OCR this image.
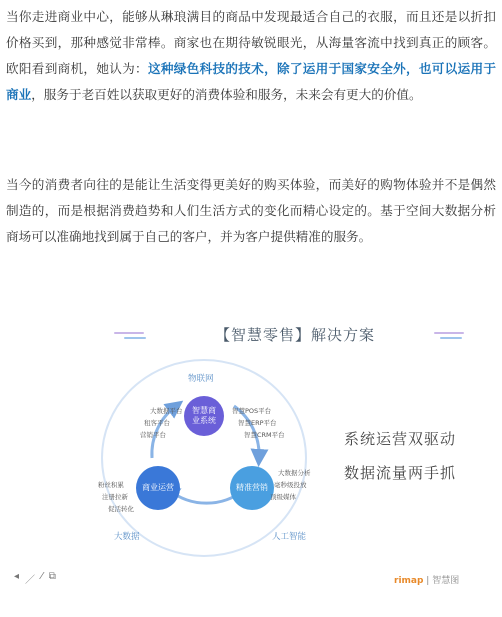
当你走进商业中心，能够从琳琅满目的商品中发现最适合自己的衣服，而且还是以折扣价格买到，那种感觉非常棒。商家也在期待敏锐眼光，从海量客流中找到真正的顾客。欧阳看到商机，她认为：这种绿色科技的技术，除了运用于国家安全外，也可以运用于商业，服务于老百姓以获取更好的消费体验和服务，未来会有更大的价值。

当今的消费者向往的是能让生活变得更美好的购买体验，而美好的购物体验并不是偶然制造的，而是根据消费趋势和人们生活方式的变化而精心设定的。基于空间大数据分析商场可以准确地找到属于自己的客户，并为客户提供精准的服务。

【智慧零售】解决方案
物联网
大数据	人工智能
智慧商业系统
商业运营	精准营销
大数据平台
租客平台
营销平台
智慧POS平台
智慧ERP平台
智慧CRM平台
粉丝积累
注册拉新
促活转化
大数据分析
毫秒级投放
顶级媒体
系统运营双驱动
数据流量两手抓
◂ ／ ⁄ ⧉	rimap | 智慧图
